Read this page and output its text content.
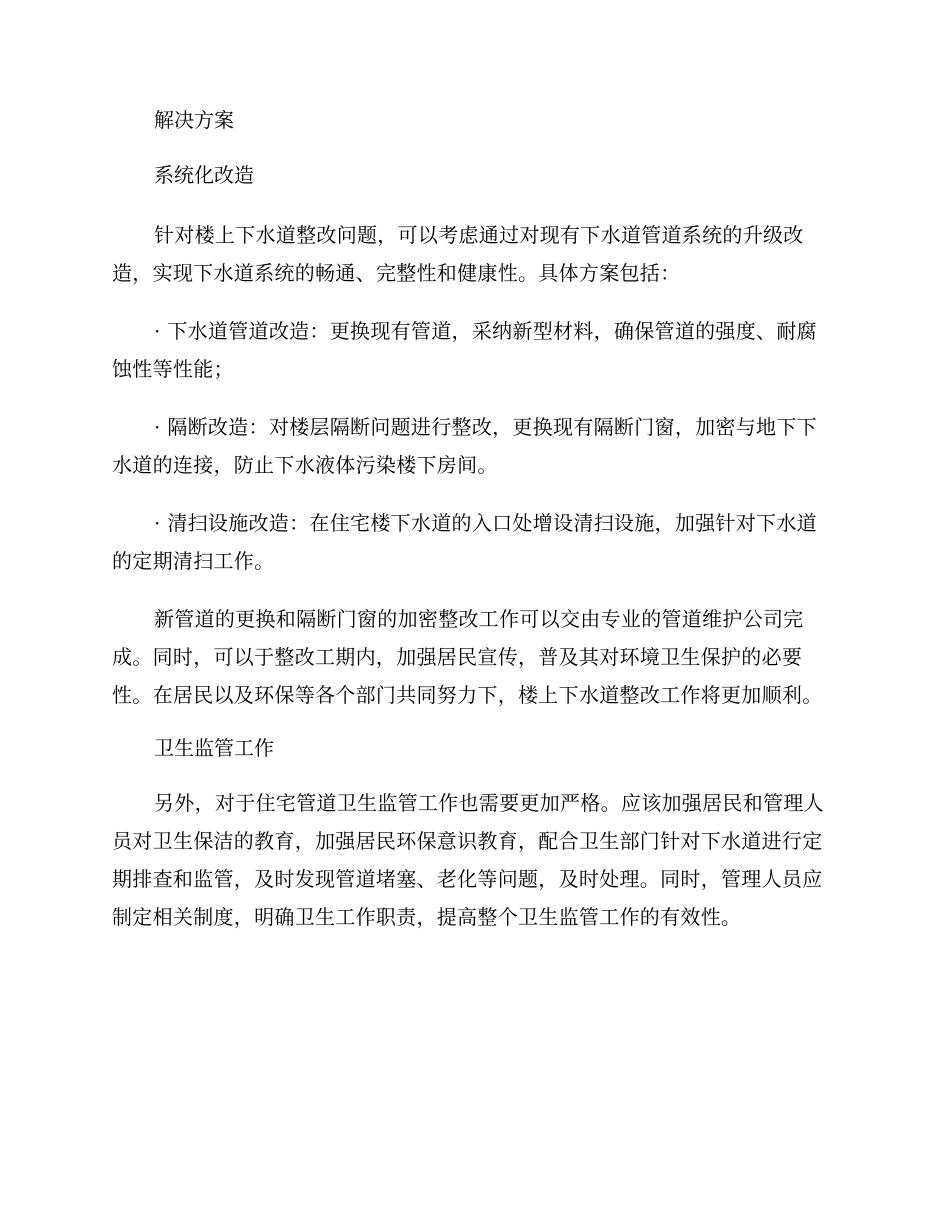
解决方案

系统化改造

针对楼上下水道整改问题，可以考虑通过对现有下水道管道系统的升级改造，实现下水道系统的畅通、完整性和健康性。具体方案包括：

· 下水道管道改造：更换现有管道，采纳新型材料，确保管道的强度、耐腐蚀性等性能；

· 隔断改造：对楼层隔断问题进行整改，更换现有隔断门窗，加密与地下下水道的连接，防止下水液体污染楼下房间。

· 清扫设施改造：在住宅楼下水道的入口处增设清扫设施，加强针对下水道的定期清扫工作。

新管道的更换和隔断门窗的加密整改工作可以交由专业的管道维护公司完成。同时，可以于整改工期内，加强居民宣传，普及其对环境卫生保护的必要性。在居民以及环保等各个部门共同努力下，楼上下水道整改工作将更加顺利。

卫生监管工作

另外，对于住宅管道卫生监管工作也需要更加严格。应该加强居民和管理人员对卫生保洁的教育，加强居民环保意识教育，配合卫生部门针对下水道进行定期排查和监管，及时发现管道堵塞、老化等问题，及时处理。同时，管理人员应制定相关制度，明确卫生工作职责，提高整个卫生监管工作的有效性。
